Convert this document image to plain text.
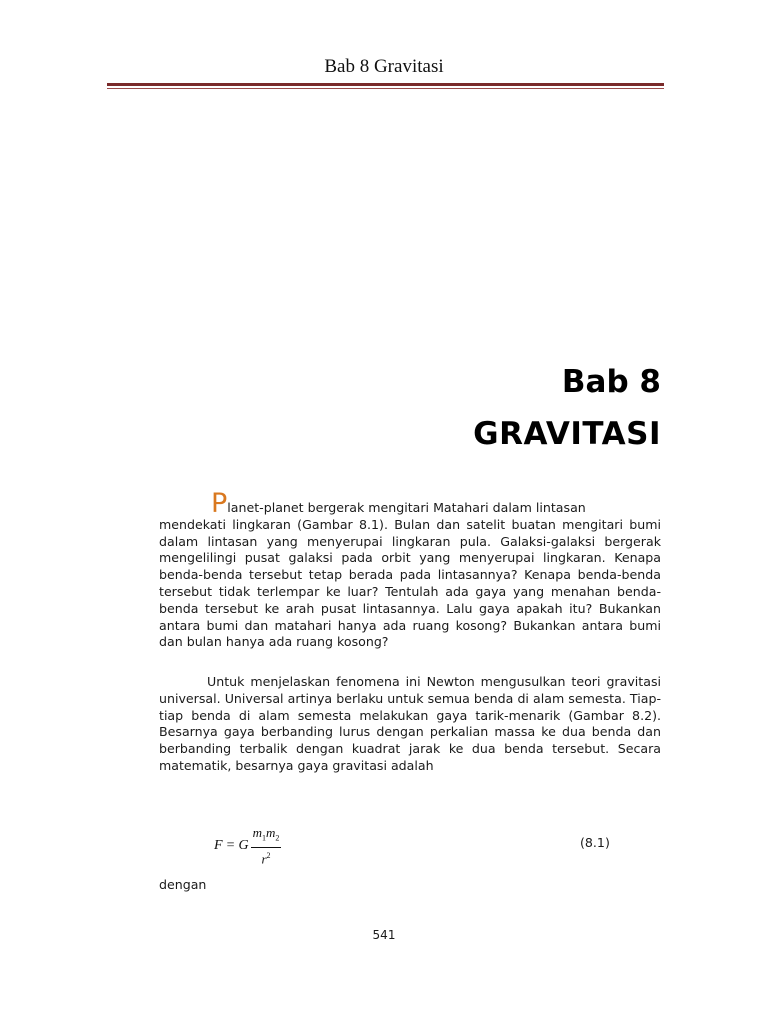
Bab 8 Gravitasi
Bab 8
GRAVITASI
Planet-planet bergerak mengitari Matahari dalam lintasan
mendekati lingkaran (Gambar 8.1). Bulan dan satelit buatan mengitari bumi dalam lintasan yang menyerupai lingkaran pula. Galaksi-galaksi bergerak mengelilingi pusat galaksi pada orbit yang menyerupai lingkaran. Kenapa benda-benda tersebut tetap berada pada lintasannya? Kenapa benda-benda tersebut tidak terlempar ke luar? Tentulah ada gaya yang menahan benda-benda tersebut ke arah pusat lintasannya. Lalu gaya apakah itu? Bukankan antara bumi dan matahari hanya ada ruang kosong? Bukankan antara bumi dan bulan hanya ada ruang kosong?
Untuk menjelaskan fenomena ini Newton mengusulkan teori gravitasi universal. Universal artinya berlaku untuk semua benda di alam semesta. Tiap-tiap benda di alam semesta melakukan gaya tarik-menarik (Gambar 8.2). Besarnya gaya berbanding lurus dengan perkalian massa ke dua benda dan berbanding terbalik dengan kuadrat jarak ke dua benda tersebut. Secara matematik, besarnya gaya gravitasi adalah
F = G $\frac{m_1m_2}{r^2}$	(8.1)
dengan
541
